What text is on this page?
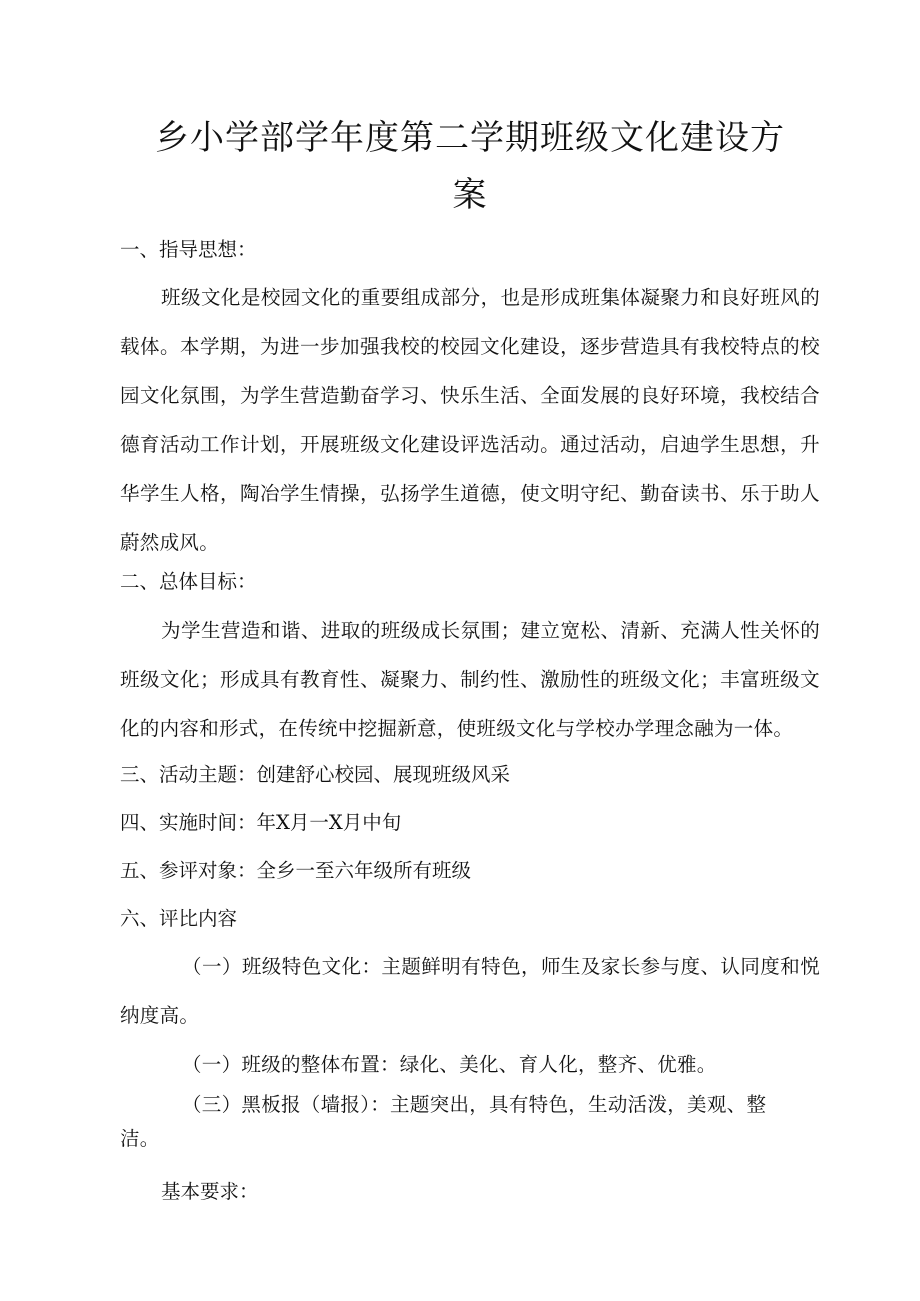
乡小学部学年度第二学期班级文化建设方
案

一、指导思想：

班级文化是校园文化的重要组成部分，也是形成班集体凝聚力和良好班风的载体。本学期，为进一步加强我校的校园文化建设，逐步营造具有我校特点的校园文化氛围，为学生营造勤奋学习、快乐生活、全面发展的良好环境，我校结合德育活动工作计划，开展班级文化建设评选活动。通过活动，启迪学生思想，升华学生人格，陶冶学生情操，弘扬学生道德，使文明守纪、勤奋读书、乐于助人蔚然成风。

二、总体目标：

为学生营造和谐、进取的班级成长氛围；建立宽松、清新、充满人性关怀的班级文化；形成具有教育性、凝聚力、制约性、激励性的班级文化；丰富班级文化的内容和形式，在传统中挖掘新意，使班级文化与学校办学理念融为一体。

三、活动主题：创建舒心校园、展现班级风采

四、实施时间：年X月一X月中旬

五、参评对象：全乡一至六年级所有班级

六、评比内容

（一）班级特色文化：主题鲜明有特色，师生及家长参与度、认同度和悦纳度高。

（一）班级的整体布置：绿化、美化、育人化，整齐、优雅。

（三）黑板报（墙报）：主题突出，具有特色，生动活泼，美观、整洁。

基本要求：
